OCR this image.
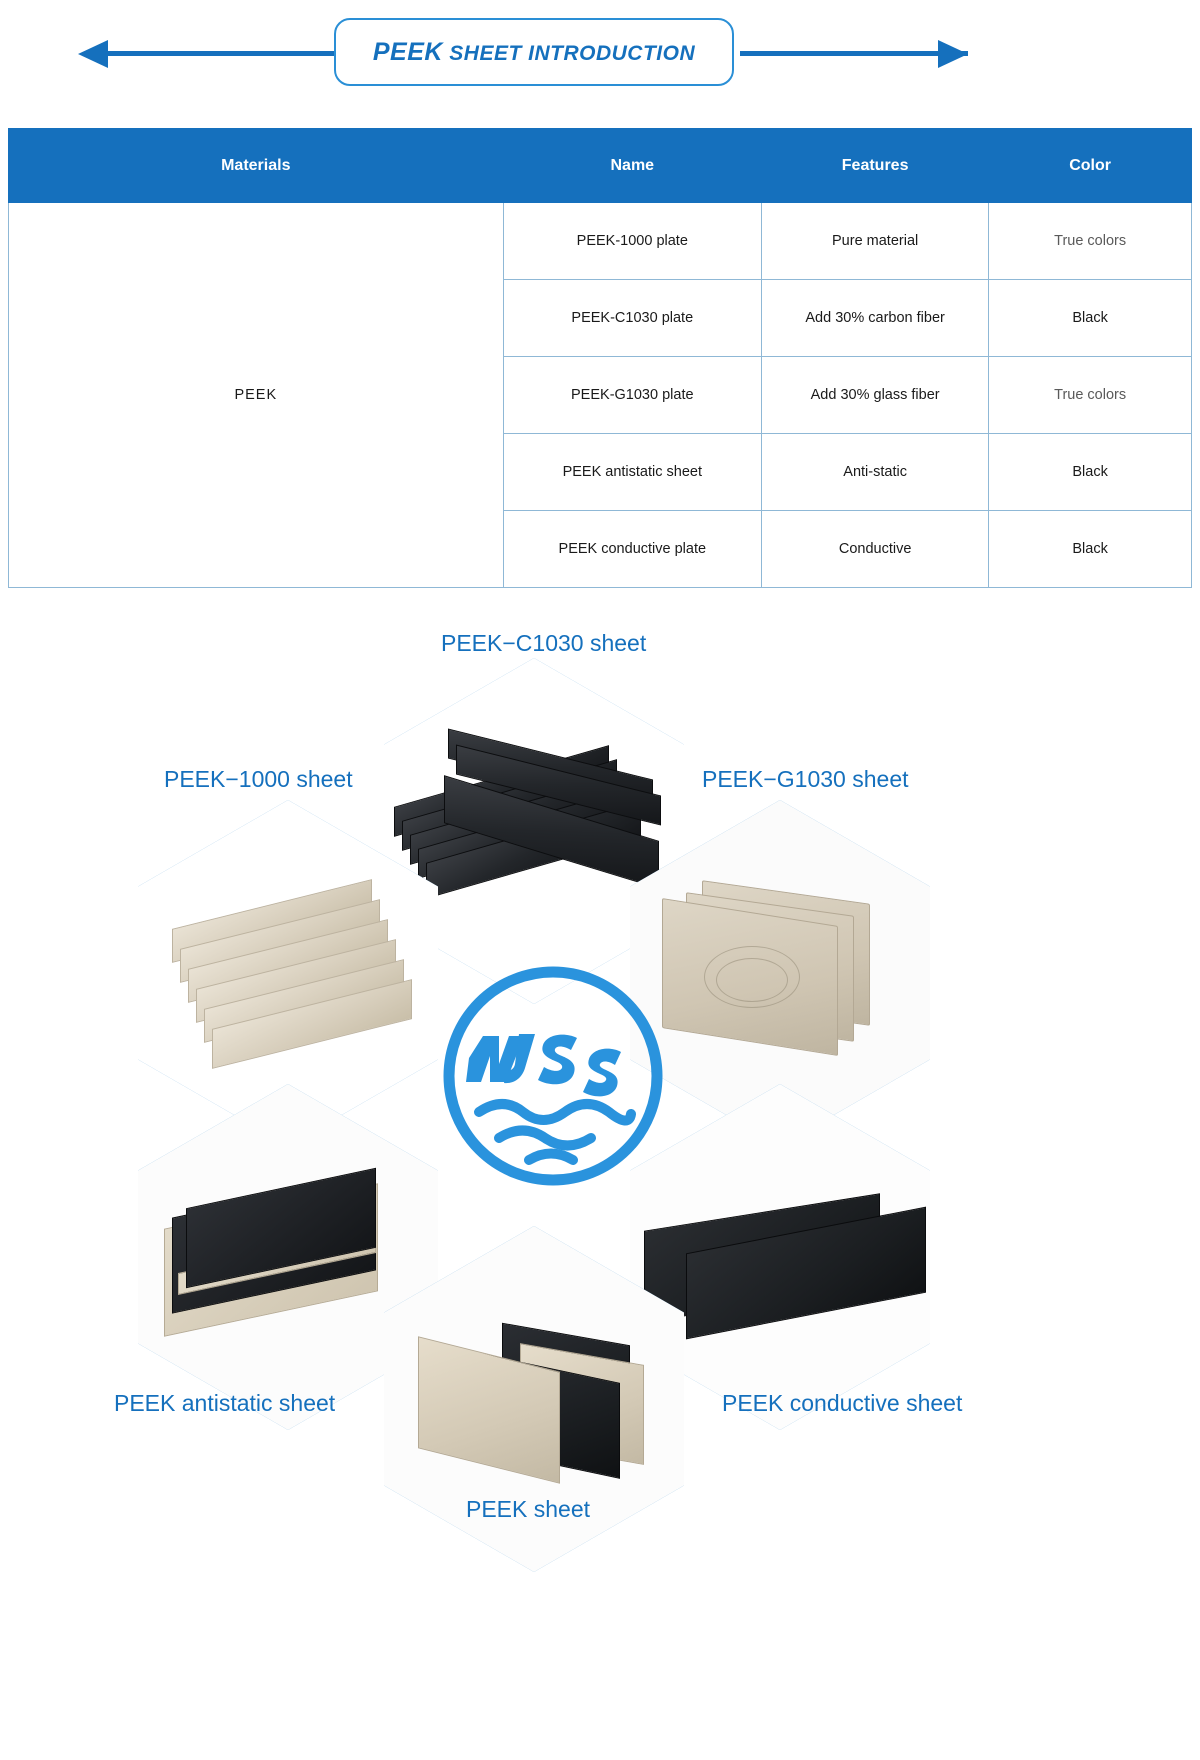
PEEK SHEET INTRODUCTION
Materials	Name	Features	Color
PEEK	PEEK-1000 plate	Pure material	True colors
	PEEK-C1030 plate	Add 30% carbon fiber	Black
	PEEK-G1030 plate	Add 30% glass fiber	True colors
	PEEK antistatic sheet	Anti-static	Black
	PEEK conductive plate	Conductive	Black
PEEK−C1030 sheet
PEEK−1000 sheet	PEEK−G1030 sheet
PEEK antistatic sheet	PEEK conductive sheet
PEEK sheet
